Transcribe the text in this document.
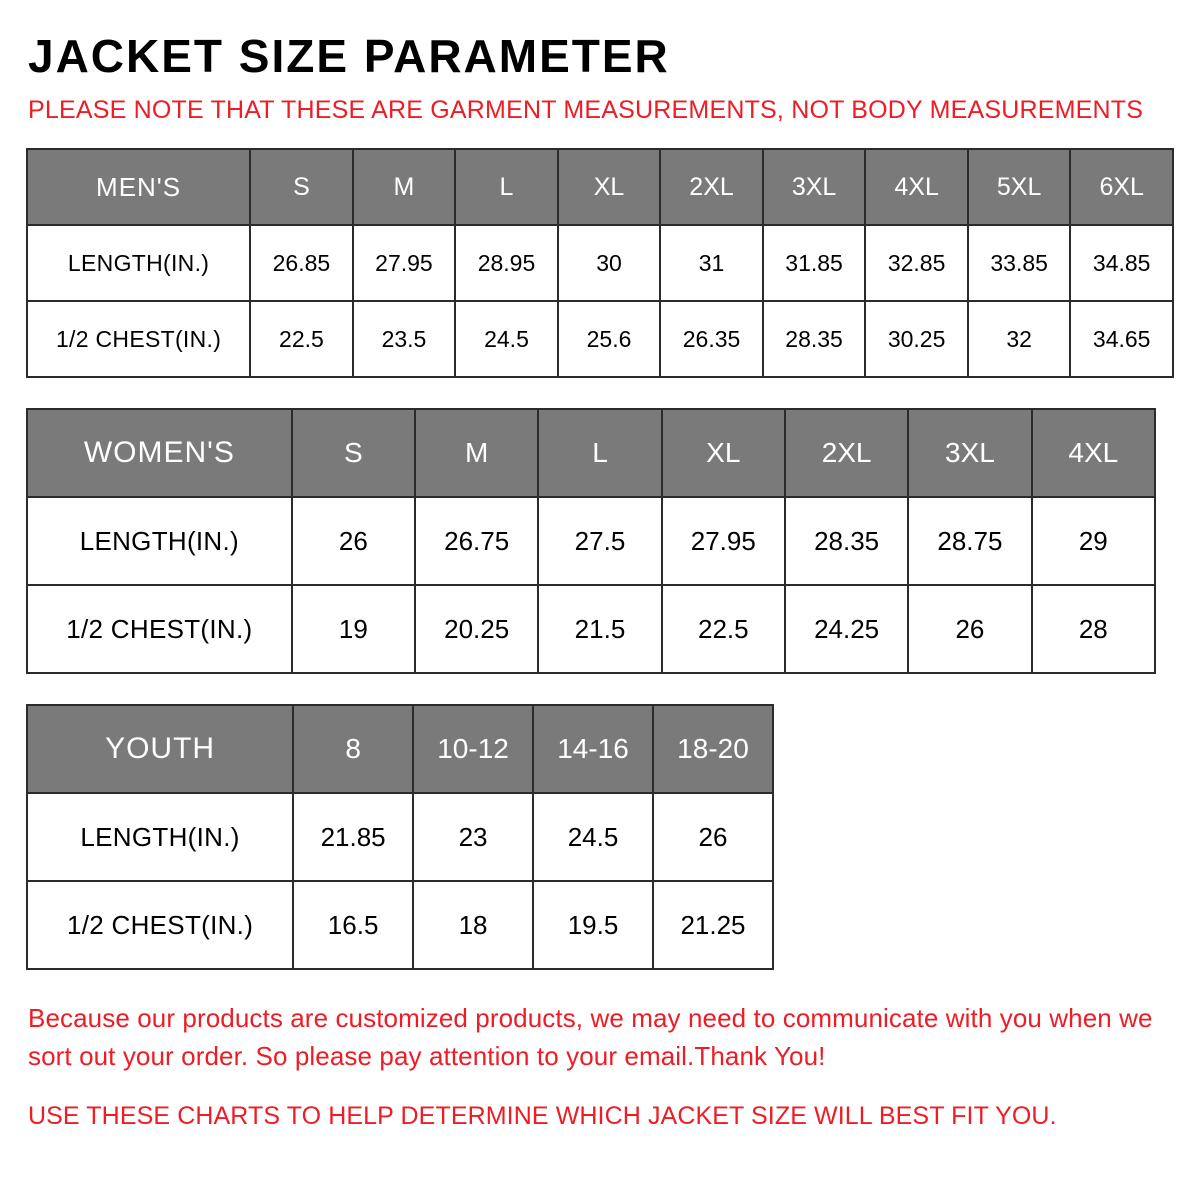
JACKET SIZE PARAMETER
PLEASE NOTE THAT THESE ARE GARMENT MEASUREMENTS, NOT BODY MEASUREMENTS
MEN'S	S	M	L	XL	2XL	3XL	4XL	5XL	6XL
LENGTH(IN.)	26.85	27.95	28.95	30	31	31.85	32.85	33.85	34.85
1/2 CHEST(IN.)	22.5	23.5	24.5	25.6	26.35	28.35	30.25	32	34.65
WOMEN'S	S	M	L	XL	2XL	3XL	4XL
LENGTH(IN.)	26	26.75	27.5	27.95	28.35	28.75	29
1/2 CHEST(IN.)	19	20.25	21.5	22.5	24.25	26	28
YOUTH	8	10-12	14-16	18-20
LENGTH(IN.)	21.85	23	24.5	26
1/2 CHEST(IN.)	16.5	18	19.5	21.25
Because our products are customized products, we may need to communicate with you when we sort out your order. So please pay attention to your email.Thank You!
USE THESE CHARTS TO HELP DETERMINE WHICH JACKET SIZE WILL BEST FIT YOU.
